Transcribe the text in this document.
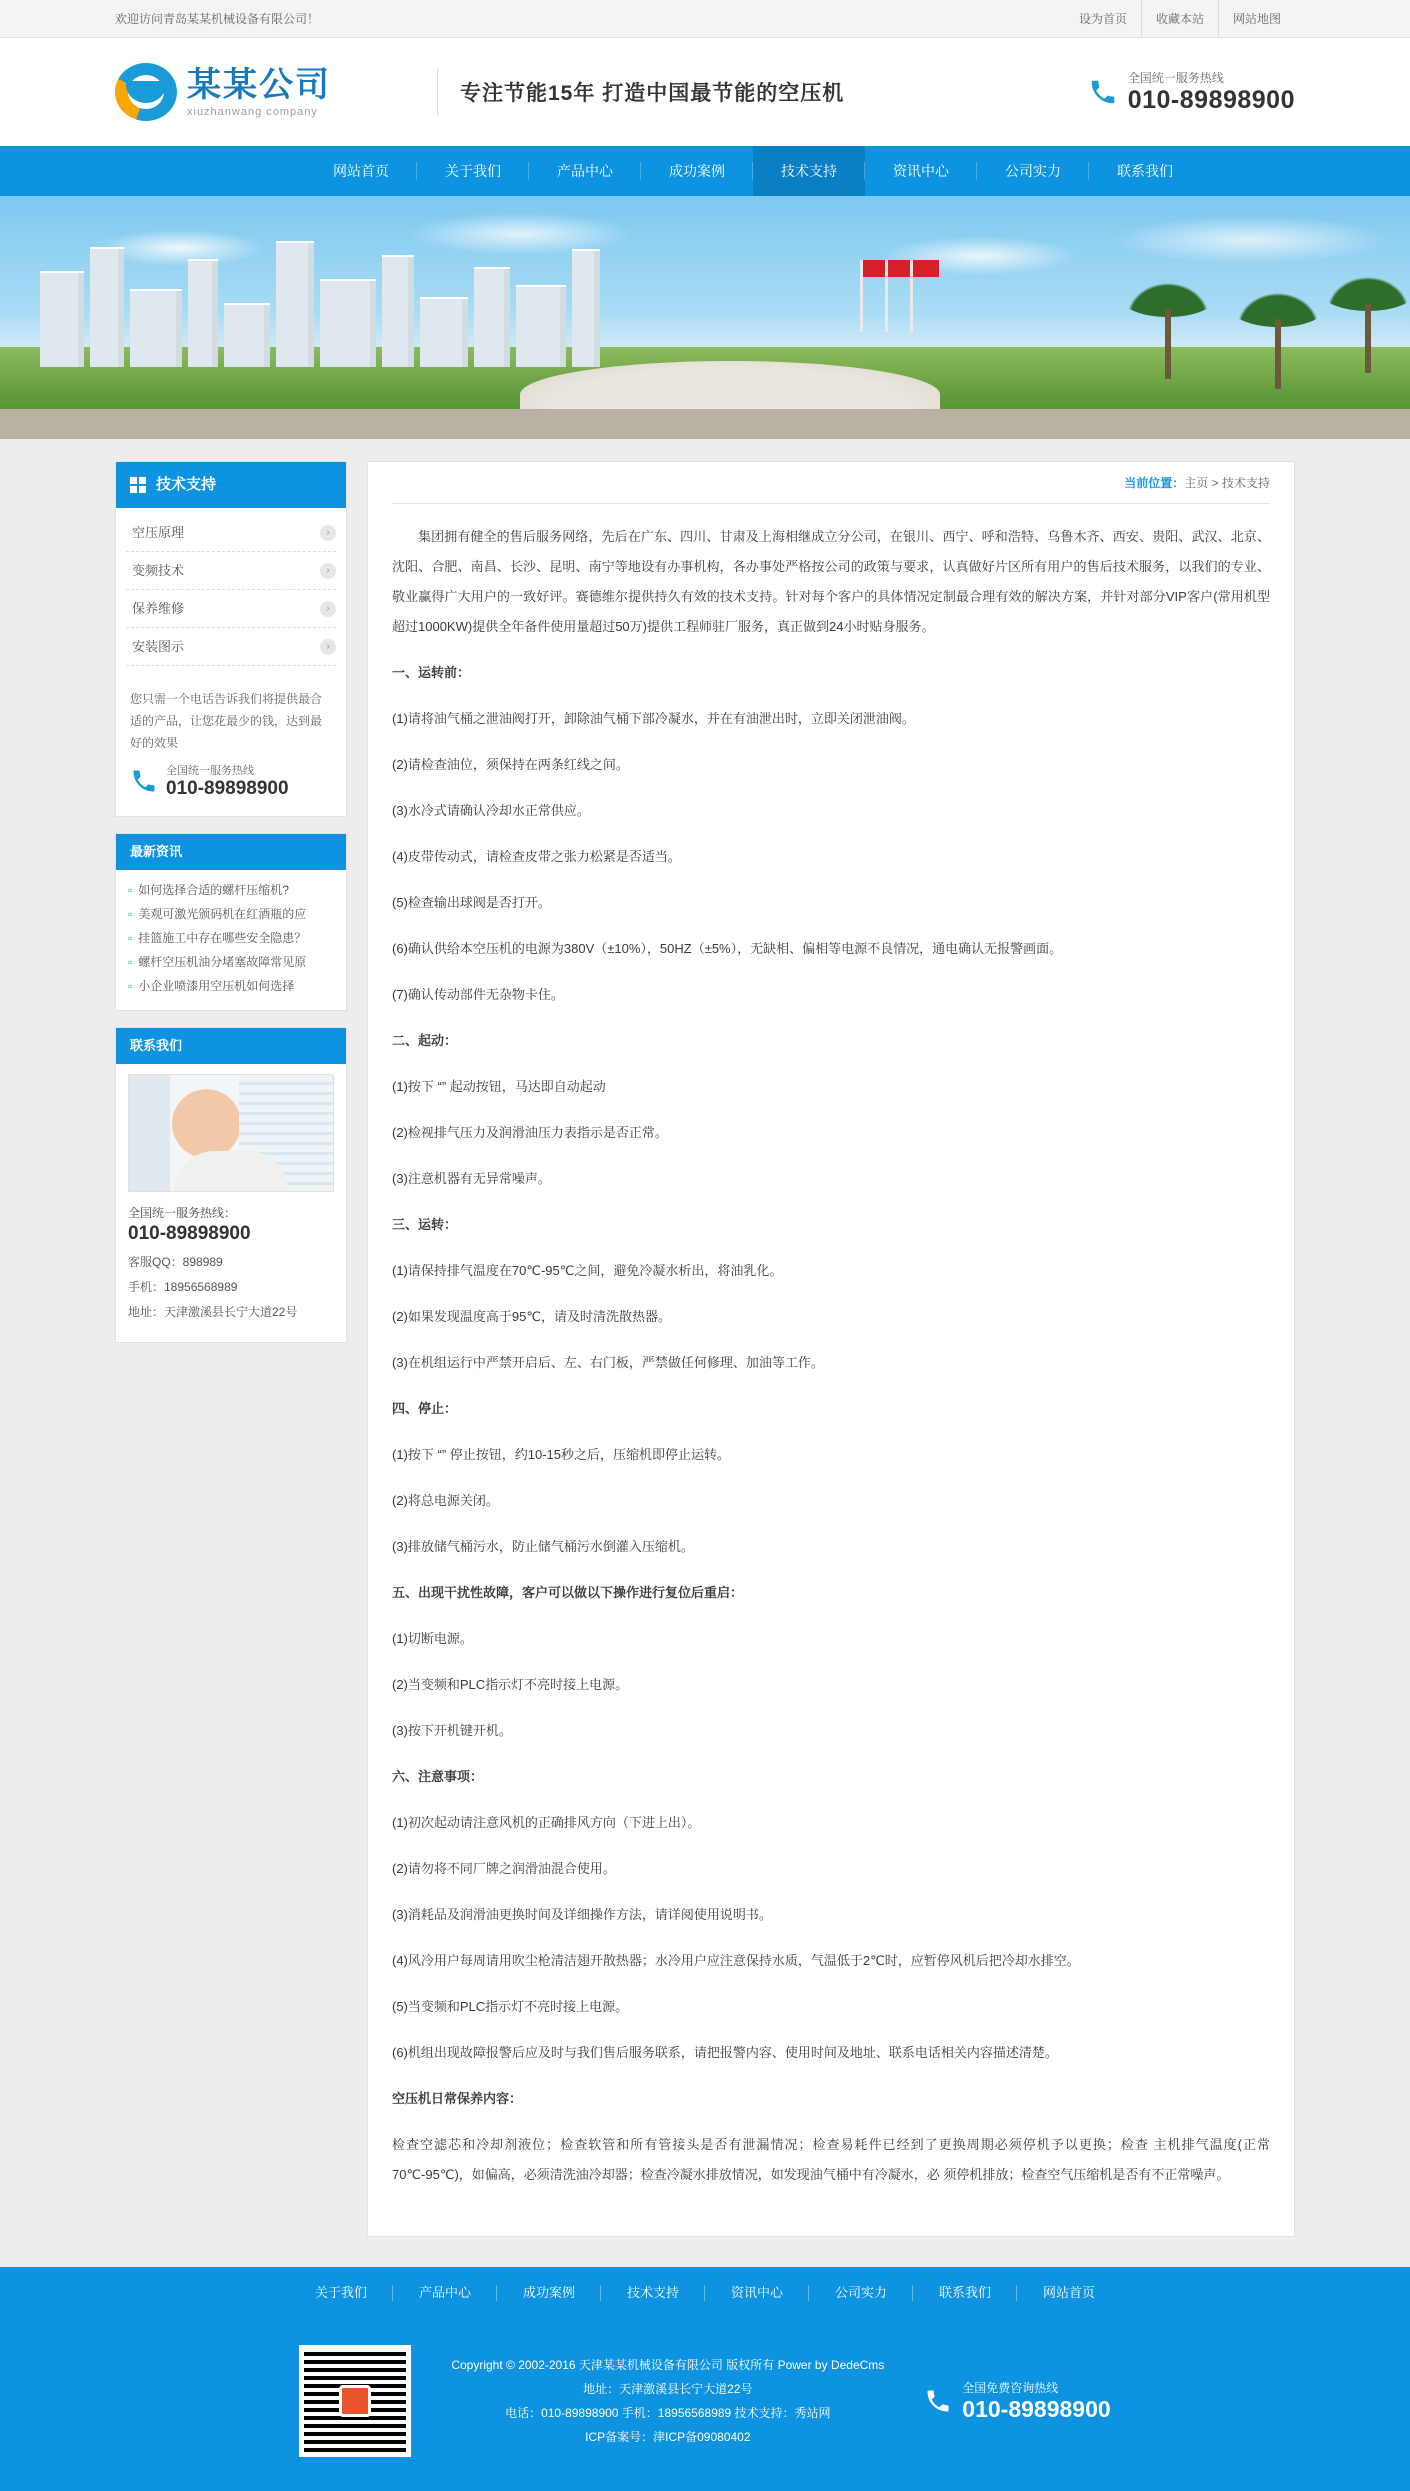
欢迎访问青岛某某机械设备有限公司！	设为首页	收藏本站	网站地图
某某公司
xiuzhanwang company
专注节能15年 打造中国最节能的空压机
全国统一服务热线
010-89898900
网站首页	关于我们	产品中心	成功案例	技术支持	资讯中心	公司实力	联系我们
技术支持
空压原理	›
变频技术	›
保养维修	›
安装图示	›
您只需一个电话告诉我们将提供最合适的产品，让您花最少的钱，达到最好的效果
全国统一服务热线
010-89898900
最新资讯
▫ 如何选择合适的螺杆压缩机?
▫ 美观可激光颁码机在红酒瓶的应
▫ 挂篮施工中存在哪些安全隐患？
▫ 螺杆空压机油分堵塞故障常见原
▫ 小企业喷漆用空压机如何选择
联系我们
全国统一服务热线：
010-89898900

客服QQ：898989

手机：18956568989

地址：天津激溪县长宁大道22号

当前位置：主页 > 技术支持

集团拥有健全的售后服务网络，先后在广东、四川、甘肃及上海相继成立分公司，在银川、西宁、呼和浩特、乌鲁木齐、西安、贵阳、武汉、北京、沈阳、合肥、南昌、长沙、昆明、南宁等地设有办事机构，各办事处严格按公司的政策与要求，认真做好片区所有用户的售后技术服务，以我们的专业、敬业赢得广大用户的一致好评。赛德维尔提供持久有效的技术支持。针对每个客户的具体情况定制最合理有效的解决方案，并针对部分VIP客户(常用机型超过1000KW)提供全年备件使用量超过50万)提供工程师驻厂服务，真正做到24小时贴身服务。

一、运转前：

(1)请将油气桶之泄油阀打开，卸除油气桶下部冷凝水，并在有油泄出时，立即关闭泄油阀。

(2)请检查油位，须保持在两条红线之间。

(3)水冷式请确认冷却水正常供应。

(4)皮带传动式，请检查皮带之张力松紧是否适当。

(5)检查输出球阀是否打开。

(6)确认供给本空压机的电源为380V（±10%），50HZ（±5%），无缺相、偏相等电源不良情况，通电确认无报警画面。

(7)确认传动部件无杂物卡住。

二、起动：

(1)按下 “” 起动按钮，马达即自动起动

(2)检视排气压力及润滑油压力表指示是否正常。

(3)注意机器有无异常噪声。

三、运转：

(1)请保持排气温度在70℃-95℃之间，避免冷凝水析出，将油乳化。

(2)如果发现温度高于95℃，请及时清洗散热器。

(3)在机组运行中严禁开启后、左、右门板，严禁做任何修理、加油等工作。

四、停止：

(1)按下 “” 停止按钮，约10-15秒之后，压缩机即停止运转。

(2)将总电源关闭。

(3)排放储气桶污水，防止储气桶污水倒灌入压缩机。

五、出现干扰性故障，客户可以做以下操作进行复位后重启：

(1)切断电源。

(2)当变频和PLC指示灯不亮时接上电源。

(3)按下开机键开机。

六、注意事项：

(1)初次起动请注意风机的正确排风方向（下进上出）。

(2)请勿将不同厂牌之润滑油混合使用。

(3)消耗品及润滑油更换时间及详细操作方法，请详阅使用说明书。

(4)风冷用户每周请用吹尘枪清洁翅开散热器；水冷用户应注意保持水质，气温低于2℃时，应暂停风机后把冷却水排空。

(5)当变频和PLC指示灯不亮时接上电源。

(6)机组出现故障报警后应及时与我们售后服务联系，请把报警内容、使用时间及地址、联系电话相关内容描述清楚。

空压机日常保养内容：

检查空滤芯和冷却剂液位；检查软管和所有管接头是否有泄漏情况；检查易耗件已经到了更换周期必须停机予以更换；检查 主机排气温度(正常70℃-95℃)，如偏高，必须清洗油冷却器；检查冷凝水排放情况，如发现油气桶中有冷凝水，必 须停机排放；检查空气压缩机是否有不正常噪声。

关于我们	产品中心	成功案例	技术支持	资讯中心	公司实力	联系我们	网站首页
Copyright © 2002-2016 天津某某机械设备有限公司 版权所有 Power by DedeCms
地址：天津激溪县长宁大道22号
电话：010-89898900 手机：18956568989 技术支持：秀站网
ICP备案号：津ICP备09080402
全国免费咨询热线
010-89898900
